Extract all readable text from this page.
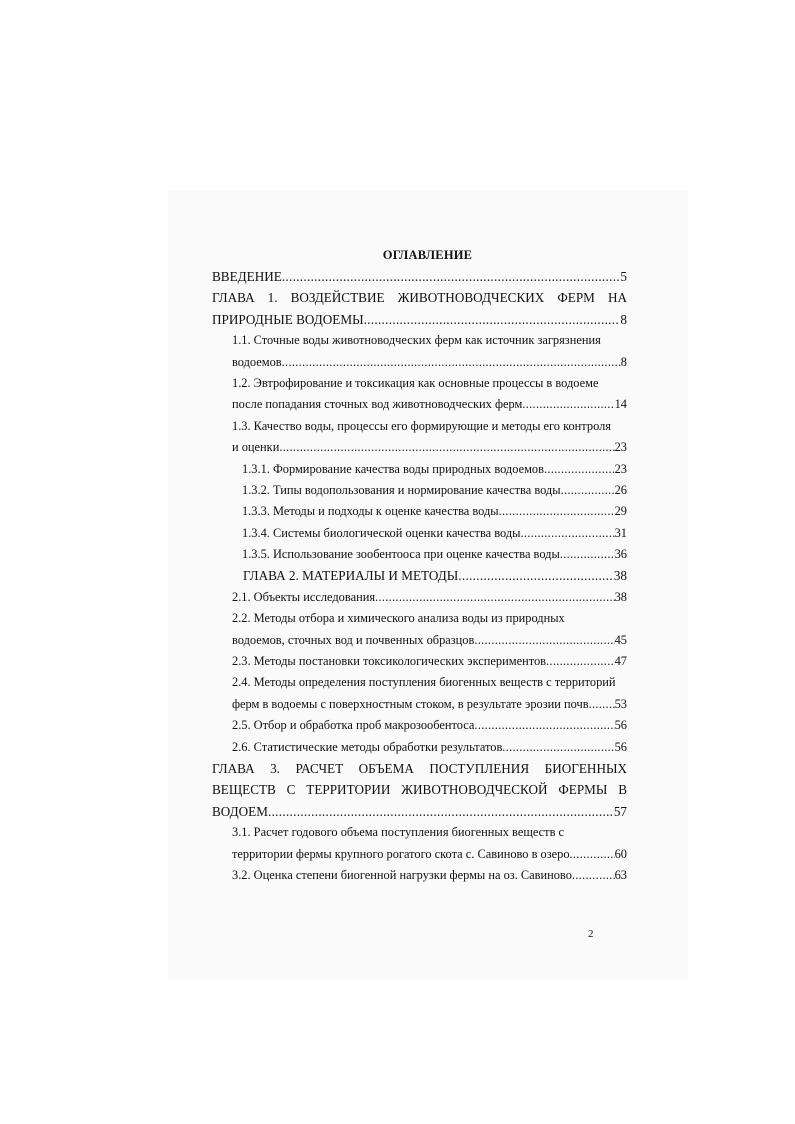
ОГЛАВЛЕНИЕ
ВВЕДЕНИЕ .....	5
ГЛАВА 1. ВОЗДЕЙСТВИЕ ЖИВОТНОВОДЧЕСКИХ ФЕРМ НА
ПРИРОДНЫЕ ВОДОЕМЫ .....	8
1.1. Сточные воды животноводческих ферм как источник загрязнения
водоемов .....	8
1.2. Эвтрофирование и токсикация как основные процессы в водоеме
после попадания сточных вод животноводческих ферм .....	14
1.3. Качество воды, процессы его формирующие и методы его контроля
и оценки .....	23
1.3.1. Формирование качества воды природных водоемов .....	23
1.3.2. Типы водопользования и нормирование качества воды .....	26
1.3.3. Методы и подходы к оценке качества воды .....	29
1.3.4. Системы биологической оценки качества воды .....	31
1.3.5. Использование зообентооса при оценке качества воды .....	36
ГЛАВА 2. МАТЕРИАЛЫ И МЕТОДЫ .....	38
2.1. Объекты исследования .....	38
2.2. Методы отбора и химического анализа воды из природных
водоемов, сточных вод и почвенных образцов .....	45
2.3. Методы постановки токсикологических экспериментов .....	47
2.4. Методы определения поступления биогенных веществ с территорий
ферм в водоемы с поверхностным стоком, в результате эрозии почв ..... 53
2.5. Отбор и обработка проб макрозообентоса .....	56
2.6. Статистические методы обработки результатов .....	56
ГЛАВА 3. РАСЧЕТ ОБЪЕМА ПОСТУПЛЕНИЯ БИОГЕННЫХ
ВЕЩЕСТВ С ТЕРРИТОРИИ ЖИВОТНОВОДЧЕСКОЙ ФЕРМЫ В
ВОДОЕМ .....	57
3.1. Расчет годового объема поступления биогенных веществ с
территории фермы крупного рогатого скота с. Савиново в озеро .....	60
3.2. Оценка степени биогенной нагрузки фермы на оз. Савиново .....	63
2
